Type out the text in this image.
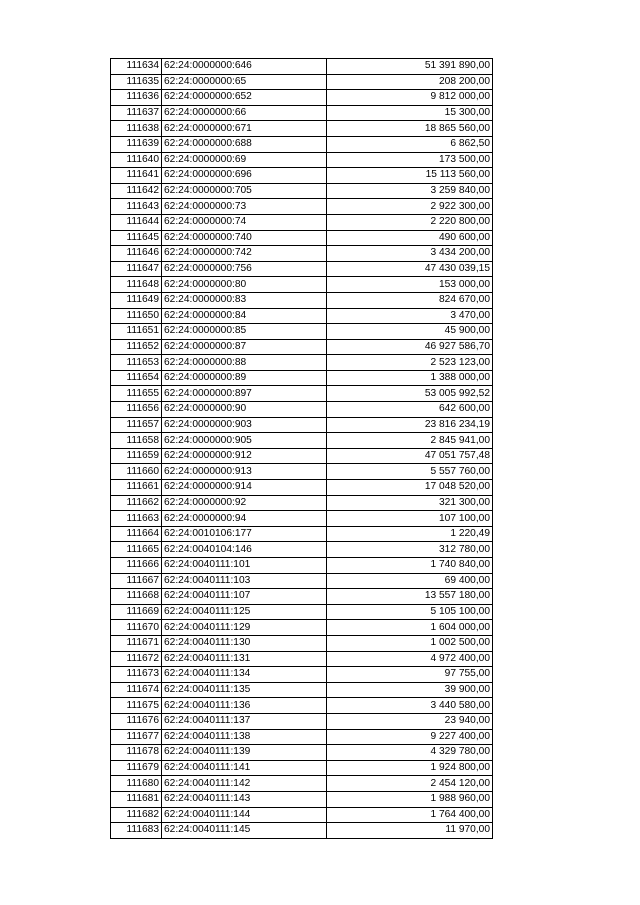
111634	62:24:0000000:646	51 391 890,00
111635	62:24:0000000:65	208 200,00
111636	62:24:0000000:652	9 812 000,00
111637	62:24:0000000:66	15 300,00
111638	62:24:0000000:671	18 865 560,00
111639	62:24:0000000:688	6 862,50
111640	62:24:0000000:69	173 500,00
111641	62:24:0000000:696	15 113 560,00
111642	62:24:0000000:705	3 259 840,00
111643	62:24:0000000:73	2 922 300,00
111644	62:24:0000000:74	2 220 800,00
111645	62:24:0000000:740	490 600,00
111646	62:24:0000000:742	3 434 200,00
111647	62:24:0000000:756	47 430 039,15
111648	62:24:0000000:80	153 000,00
111649	62:24:0000000:83	824 670,00
111650	62:24:0000000:84	3 470,00
111651	62:24:0000000:85	45 900,00
111652	62:24:0000000:87	46 927 586,70
111653	62:24:0000000:88	2 523 123,00
111654	62:24:0000000:89	1 388 000,00
111655	62:24:0000000:897	53 005 992,52
111656	62:24:0000000:90	642 600,00
111657	62:24:0000000:903	23 816 234,19
111658	62:24:0000000:905	2 845 941,00
111659	62:24:0000000:912	47 051 757,48
111660	62:24:0000000:913	5 557 760,00
111661	62:24:0000000:914	17 048 520,00
111662	62:24:0000000:92	321 300,00
111663	62:24:0000000:94	107 100,00
111664	62:24:0010106:177	1 220,49
111665	62:24:0040104:146	312 780,00
111666	62:24:0040111:101	1 740 840,00
111667	62:24:0040111:103	69 400,00
111668	62:24:0040111:107	13 557 180,00
111669	62:24:0040111:125	5 105 100,00
111670	62:24:0040111:129	1 604 000,00
111671	62:24:0040111:130	1 002 500,00
111672	62:24:0040111:131	4 972 400,00
111673	62:24:0040111:134	97 755,00
111674	62:24:0040111:135	39 900,00
111675	62:24:0040111:136	3 440 580,00
111676	62:24:0040111:137	23 940,00
111677	62:24:0040111:138	9 227 400,00
111678	62:24:0040111:139	4 329 780,00
111679	62:24:0040111:141	1 924 800,00
111680	62:24:0040111:142	2 454 120,00
111681	62:24:0040111:143	1 988 960,00
111682	62:24:0040111:144	1 764 400,00
111683	62:24:0040111:145	11 970,00
